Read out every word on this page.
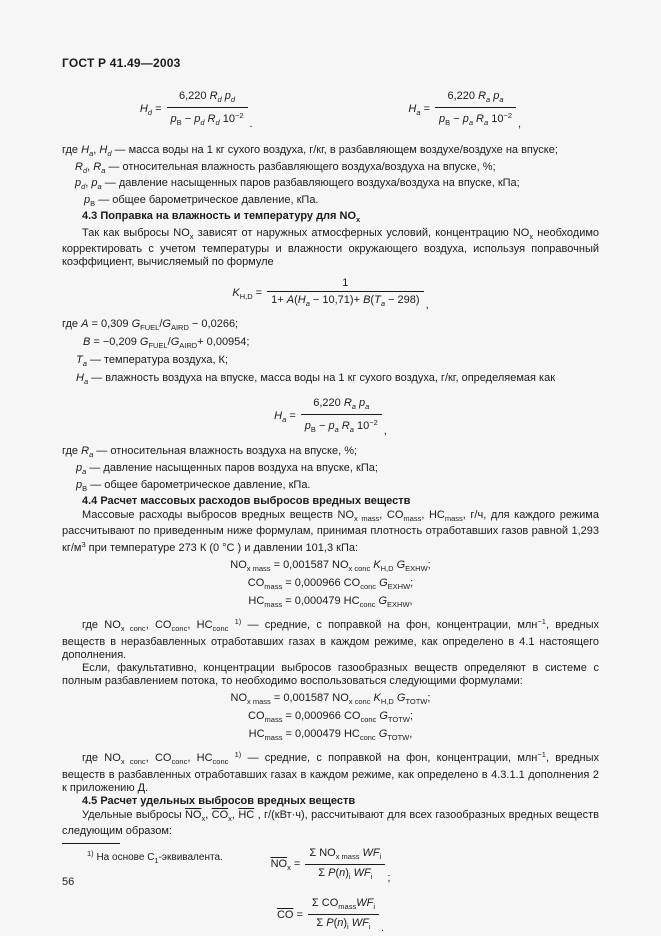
ГОСТ Р 41.49—2003
$H_d = \frac{6,220 R_d p_d}{p_В - p_d R_d 10^{-2}}$ .
$H_a = \frac{6,220 R_a p_a}{p_В - p_a R_a 10^{-2}}$ ,
где $H_a$, $H_d$ — масса воды на 1 кг сухого воздуха, г/кг, в разбавляющем воздухе/воздухе на впуске;
$R_d$, $R_a$ — относительная влажность разбавляющего воздуха/воздуха на впуске, %;
$p_d$, $p_a$ — давление насыщенных паров разбавляющего воздуха/воздуха на впуске, кПа;
$p_В$ — общее барометрическое давление, кПа.
4.3 Поправка на влажность и температуру для $NO_x$

Так как выбросы $NO_x$ зависят от наружных атмосферных условий, концентрацию $NO_x$ необходимо корректировать с учетом температуры и влажности окружающего воздуха, используя поправочный коэффициент, вычисляемый по формуле

$K_{H,D} = \frac{1}{1+ A(H_a - 10,71)+ B(T_a - 298)}$ ,
где A = 0,309 $G_{FUEL}/G_{AIRD} - 0,0266$;
B = −0,209 $G_{FUEL}/G_{AIRD}+ 0,00954$;
$T_a$ — температура воздуха, К;
$H_a$ — влажность воздуха на впуске, масса воды на 1 кг сухого воздуха, г/кг, определяемая как
$H_a = \frac{6,220 R_a p_a}{p_В - p_a R_a 10^{-2}}$ ,
где $R_a$ — относительная влажность воздуха на впуске, %;
$p_a$ — давление насыщенных паров воздуха на впуске, кПа;
$p_В$ — общее барометрическое давление, кПа.
4.4 Расчет массовых расходов выбросов вредных веществ

Массовые расходы выбросов вредных веществ $NO_{x mass}$, $CO_{mass}$, $HC_{mass}$, г/ч, для каждого режима рассчитывают по приведенным ниже формулам, принимая плотность отработавших газов равной 1,293 $кг/м^3$ при температуре 273 К (0 °С ) и давлении 101,3 кПа:

$NO_{x mass} = 0,001587$ $NO_{x conc}$ $K_{H,D}$ $G_{EXHW}$;
$CO_{mass} = 0,000966$ $CO_{conc}$ $G_{EXHW}$;
$HC_{mass} = 0,000479$ $HC_{conc}$ $G_{EXHW}$,

где $NO_{x conc}$, $CO_{conc}$, $HC_{conc}$ $^{1)}$ — средние, с поправкой на фон, концентрации, млн$^{-1}$, вредных веществ в неразбавленных отработавших газах в каждом режиме, как определено в 4.1 настоящего дополнения.

Если, факультативно, концентрации выбросов газообразных веществ определяют в системе с полным разбавлением потока, то необходимо воспользоваться следующими формулами:

$NO_{x mass} = 0,001587$ $NO_{x conc}$ $K_{H,D}$ $G_{TOTW}$;
$CO_{mass} = 0,000966$ $CO_{conc}$ $G_{TOTW}$;
$HC_{mass} = 0,000479$ $HC_{conc}$ $G_{TOTW}$,

где $NO_{x conc}$, $CO_{conc}$, $HC_{conc}$ $^{1)}$ — средние, с поправкой на фон, концентрации, млн$^{-1}$, вредных веществ в разбавленных отработавших газах в каждом режиме, как определено в 4.3.1.1 дополнения 2 к приложению Д.

4.5 Расчет удельных выбросов вредных веществ

Удельные выбросы $\overline{NO}_x$, $\overline{CO}_x$, $\overline{HC}$ , г/(кВт·ч), рассчитывают для всех газообразных вредных веществ следующим образом:

$\overline{NO}_x = \frac{\Sigma NO_{x mass} WF_i}{\Sigma P(n)_i WF_i}$ ;
$\overline{CO} = \frac{\Sigma CO_{mass}WF_i}{\Sigma P(n)_i WF_i}$ .
$^{1)}$ На основе $С_1$-эквивалента.
56
